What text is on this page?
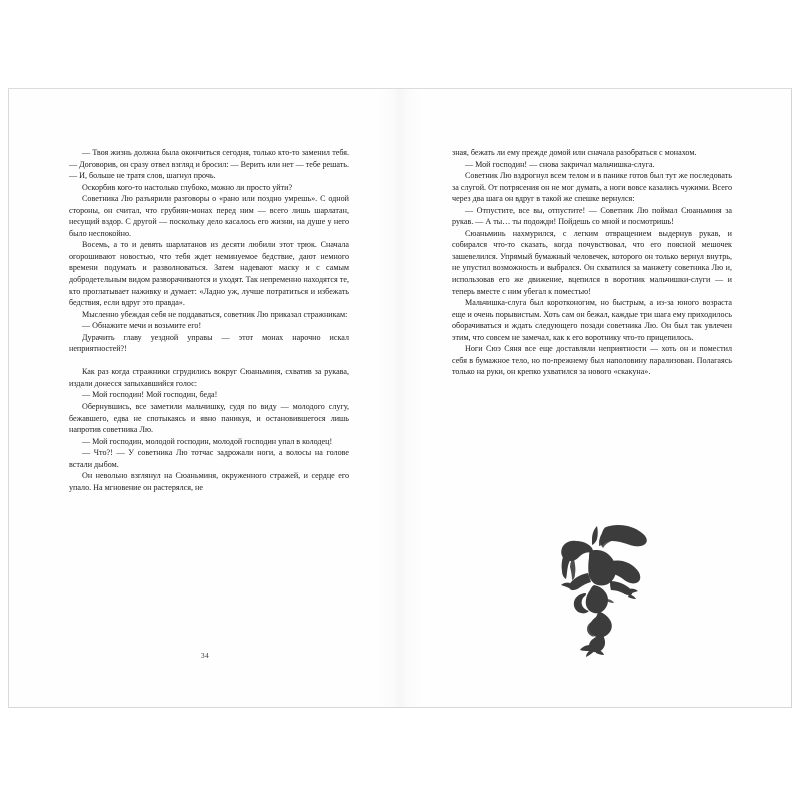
— Твоя жизнь должна была окончиться сегодня, только кто-то заменил тебя. — Договорив, он сразу отвел взгляд и бросил: — Верить или нет — тебе решать. — И, больше не тратя слов, шагнул прочь.

Оскорбив кого-то настолько глубоко, можно ли просто уйти?

Советника Лю разъярили разговоры о «рано или поздно умрешь». С одной стороны, он считал, что грубиян-монах перед ним — всего лишь шарлатан, несущий вздор. С другой — поскольку дело касалось его жизни, на душе у него было неспокойно.

Восемь, а то и девять шарлатанов из десяти любили этот трюк. Сначала огорошивают новостью, что тебя ждет неминуемое бедствие, дают немного времени подумать и разволноваться. Затем надевают маску и с самым добродетельным видом разворачиваются и уходят. Так непременно находятся те, кто проглатывает наживку и думает: «Ладно уж, лучше потратиться и избежать бедствия, если вдруг это правда».

Мысленно убеждая себя не поддаваться, советник Лю приказал стражникам:

— Обнажите мечи и возьмите его!

Дурачить главу уездной управы — этот монах нарочно искал неприятностей?!

Как раз когда стражники сгрудились вокруг Сюаньминя, схватив за рукава, издали донесся запыхавшийся голос:

— Мой господин! Мой господин, беда!

Обернувшись, все заметили мальчишку, судя по виду — молодого слугу, бежавшего, едва не спотыкаясь и явно паникуя, и остановившегося лишь напротив советника Лю.

— Мой господин, молодой господин, молодой господин упал в колодец!

— Что?! — У советника Лю тотчас задрожали ноги, а волосы на голове встали дыбом.

Он невольно взглянул на Сюаньминя, окруженного стражей, и сердце его упало. На мгновение он растерялся, не

34

зная, бежать ли ему прежде домой или сначала разобраться с монахом.

— Мой господин! — снова закричал мальчишка-слуга.

Советник Лю вздрогнул всем телом и в панике готов был тут же последовать за слугой. От потрясения он не мог думать, а ноги вовсе казались чужими. Всего через два шага он вдруг в такой же спешке вернулся:

— Отпустите, все вы, отпустите! — Советник Лю поймал Сюаньминя за рукав. — А ты… ты подожди! Пойдешь со мной и посмотришь!

Сюаньминь нахмурился, с легким отвращением выдернув рукав, и собирался что-то сказать, когда почувствовал, что его поясной мешочек зашевелился. Упрямый бумажный человечек, которого он только вернул внутрь, не упустил возможность и выбрался. Он схватился за манжету советника Лю и, использовав его же движение, вцепился в воротник мальчишки-слуги — и теперь вместе с ним убегал к поместью!

Мальчишка-слуга был коротконогим, но быстрым, а из-за юного возраста еще и очень порывистым. Хоть сам он бежал, каждые три шага ему приходилось оборачиваться и ждать следующего позади советника Лю. Он был так увлечен этим, что совсем не замечал, как к его воротнику что-то прицепилось.

Ноги Сюэ Сяня все еще доставляли неприятности — хоть он и поместил себя в бумажное тело, но по-прежнему был наполовину парализован. Полагаясь только на руки, он крепко ухватился за нового «скакуна».
